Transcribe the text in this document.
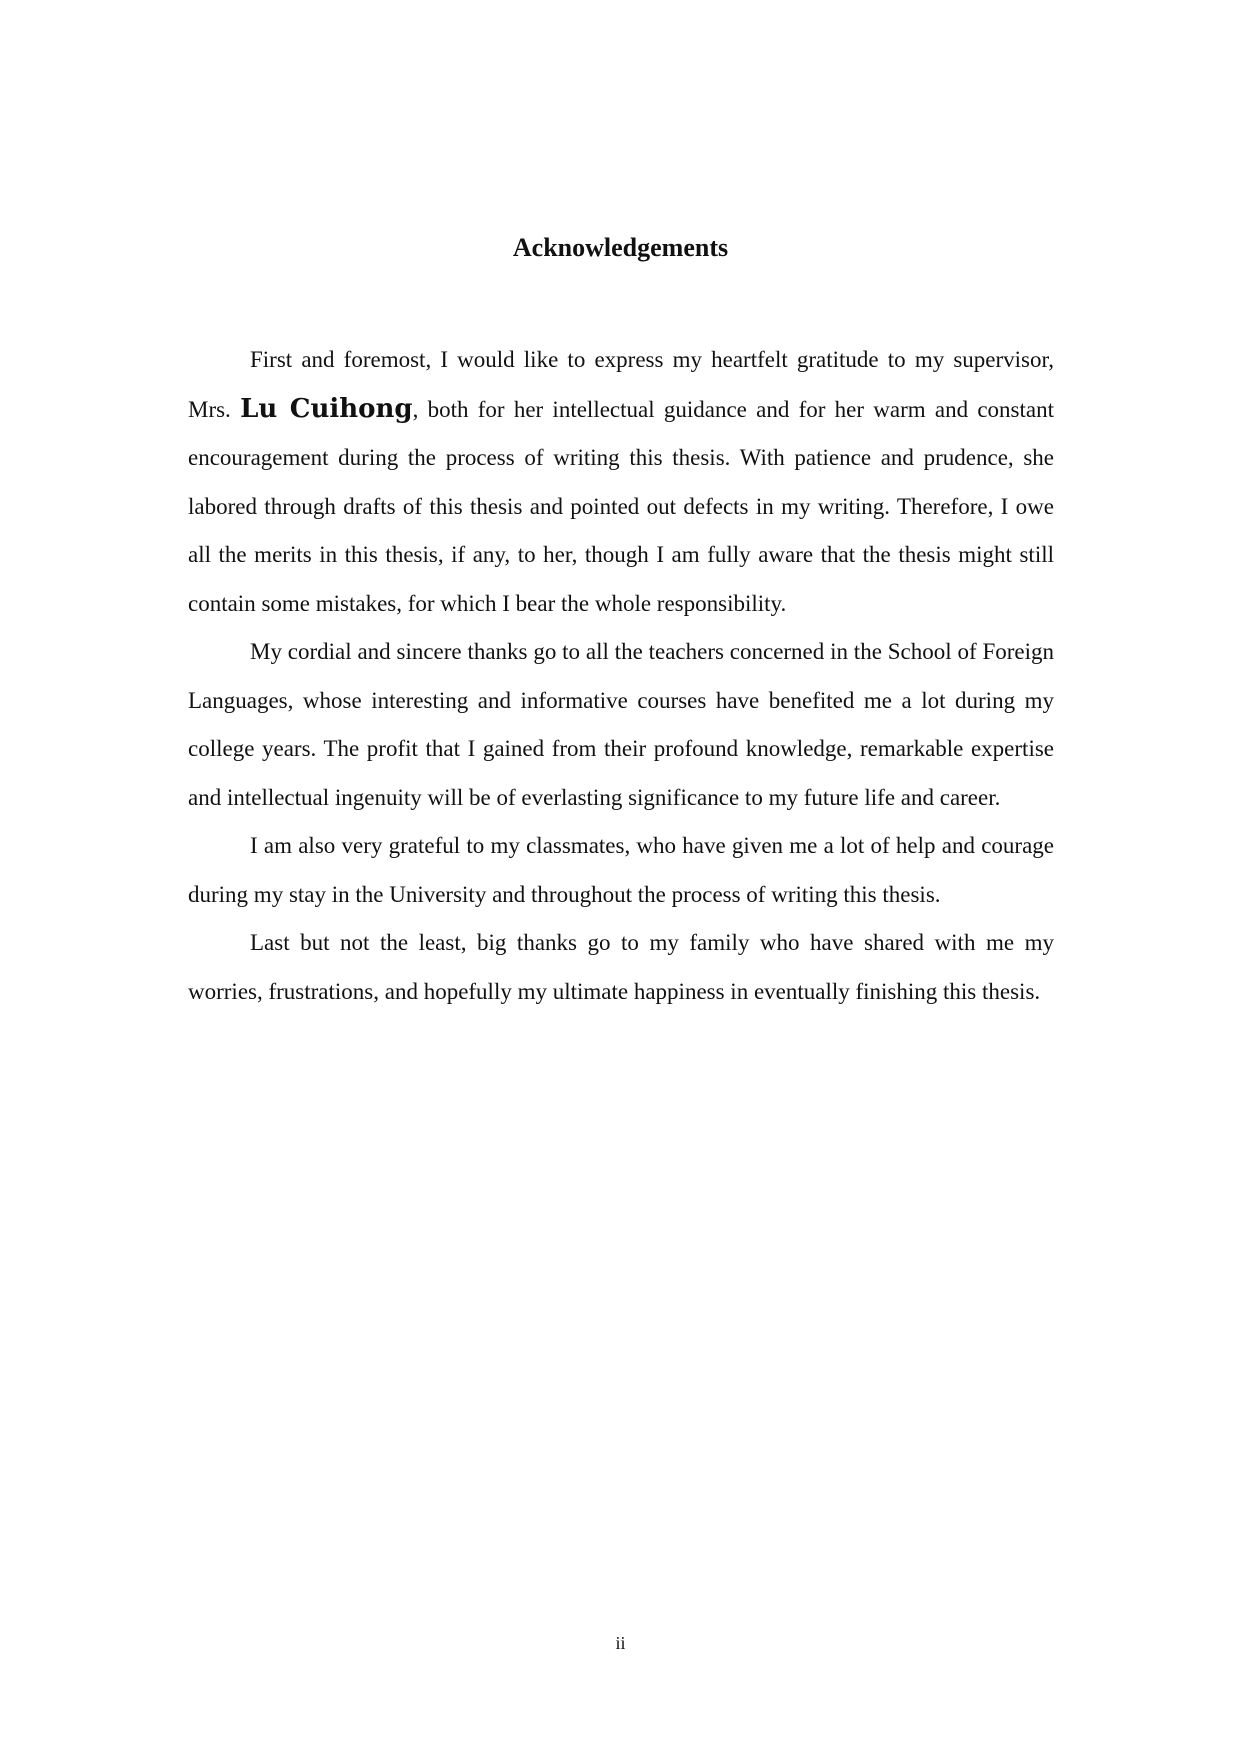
Acknowledgements

First and foremost, I would like to express my heartfelt gratitude to my supervisor, Mrs. Lu Cuihong, both for her intellectual guidance and for her warm and constant encouragement during the process of writing this thesis. With patience and prudence, she labored through drafts of this thesis and pointed out defects in my writing. Therefore, I owe all the merits in this thesis, if any, to her, though I am fully aware that the thesis might still contain some mistakes, for which I bear the whole responsibility.

My cordial and sincere thanks go to all the teachers concerned in the School of Foreign Languages, whose interesting and informative courses have benefited me a lot during my college years. The profit that I gained from their profound knowledge, remarkable expertise and intellectual ingenuity will be of everlasting significance to my future life and career.

I am also very grateful to my classmates, who have given me a lot of help and courage during my stay in the University and throughout the process of writing this thesis.

Last but not the least, big thanks go to my family who have shared with me my worries, frustrations, and hopefully my ultimate happiness in eventually finishing this thesis.

ii
